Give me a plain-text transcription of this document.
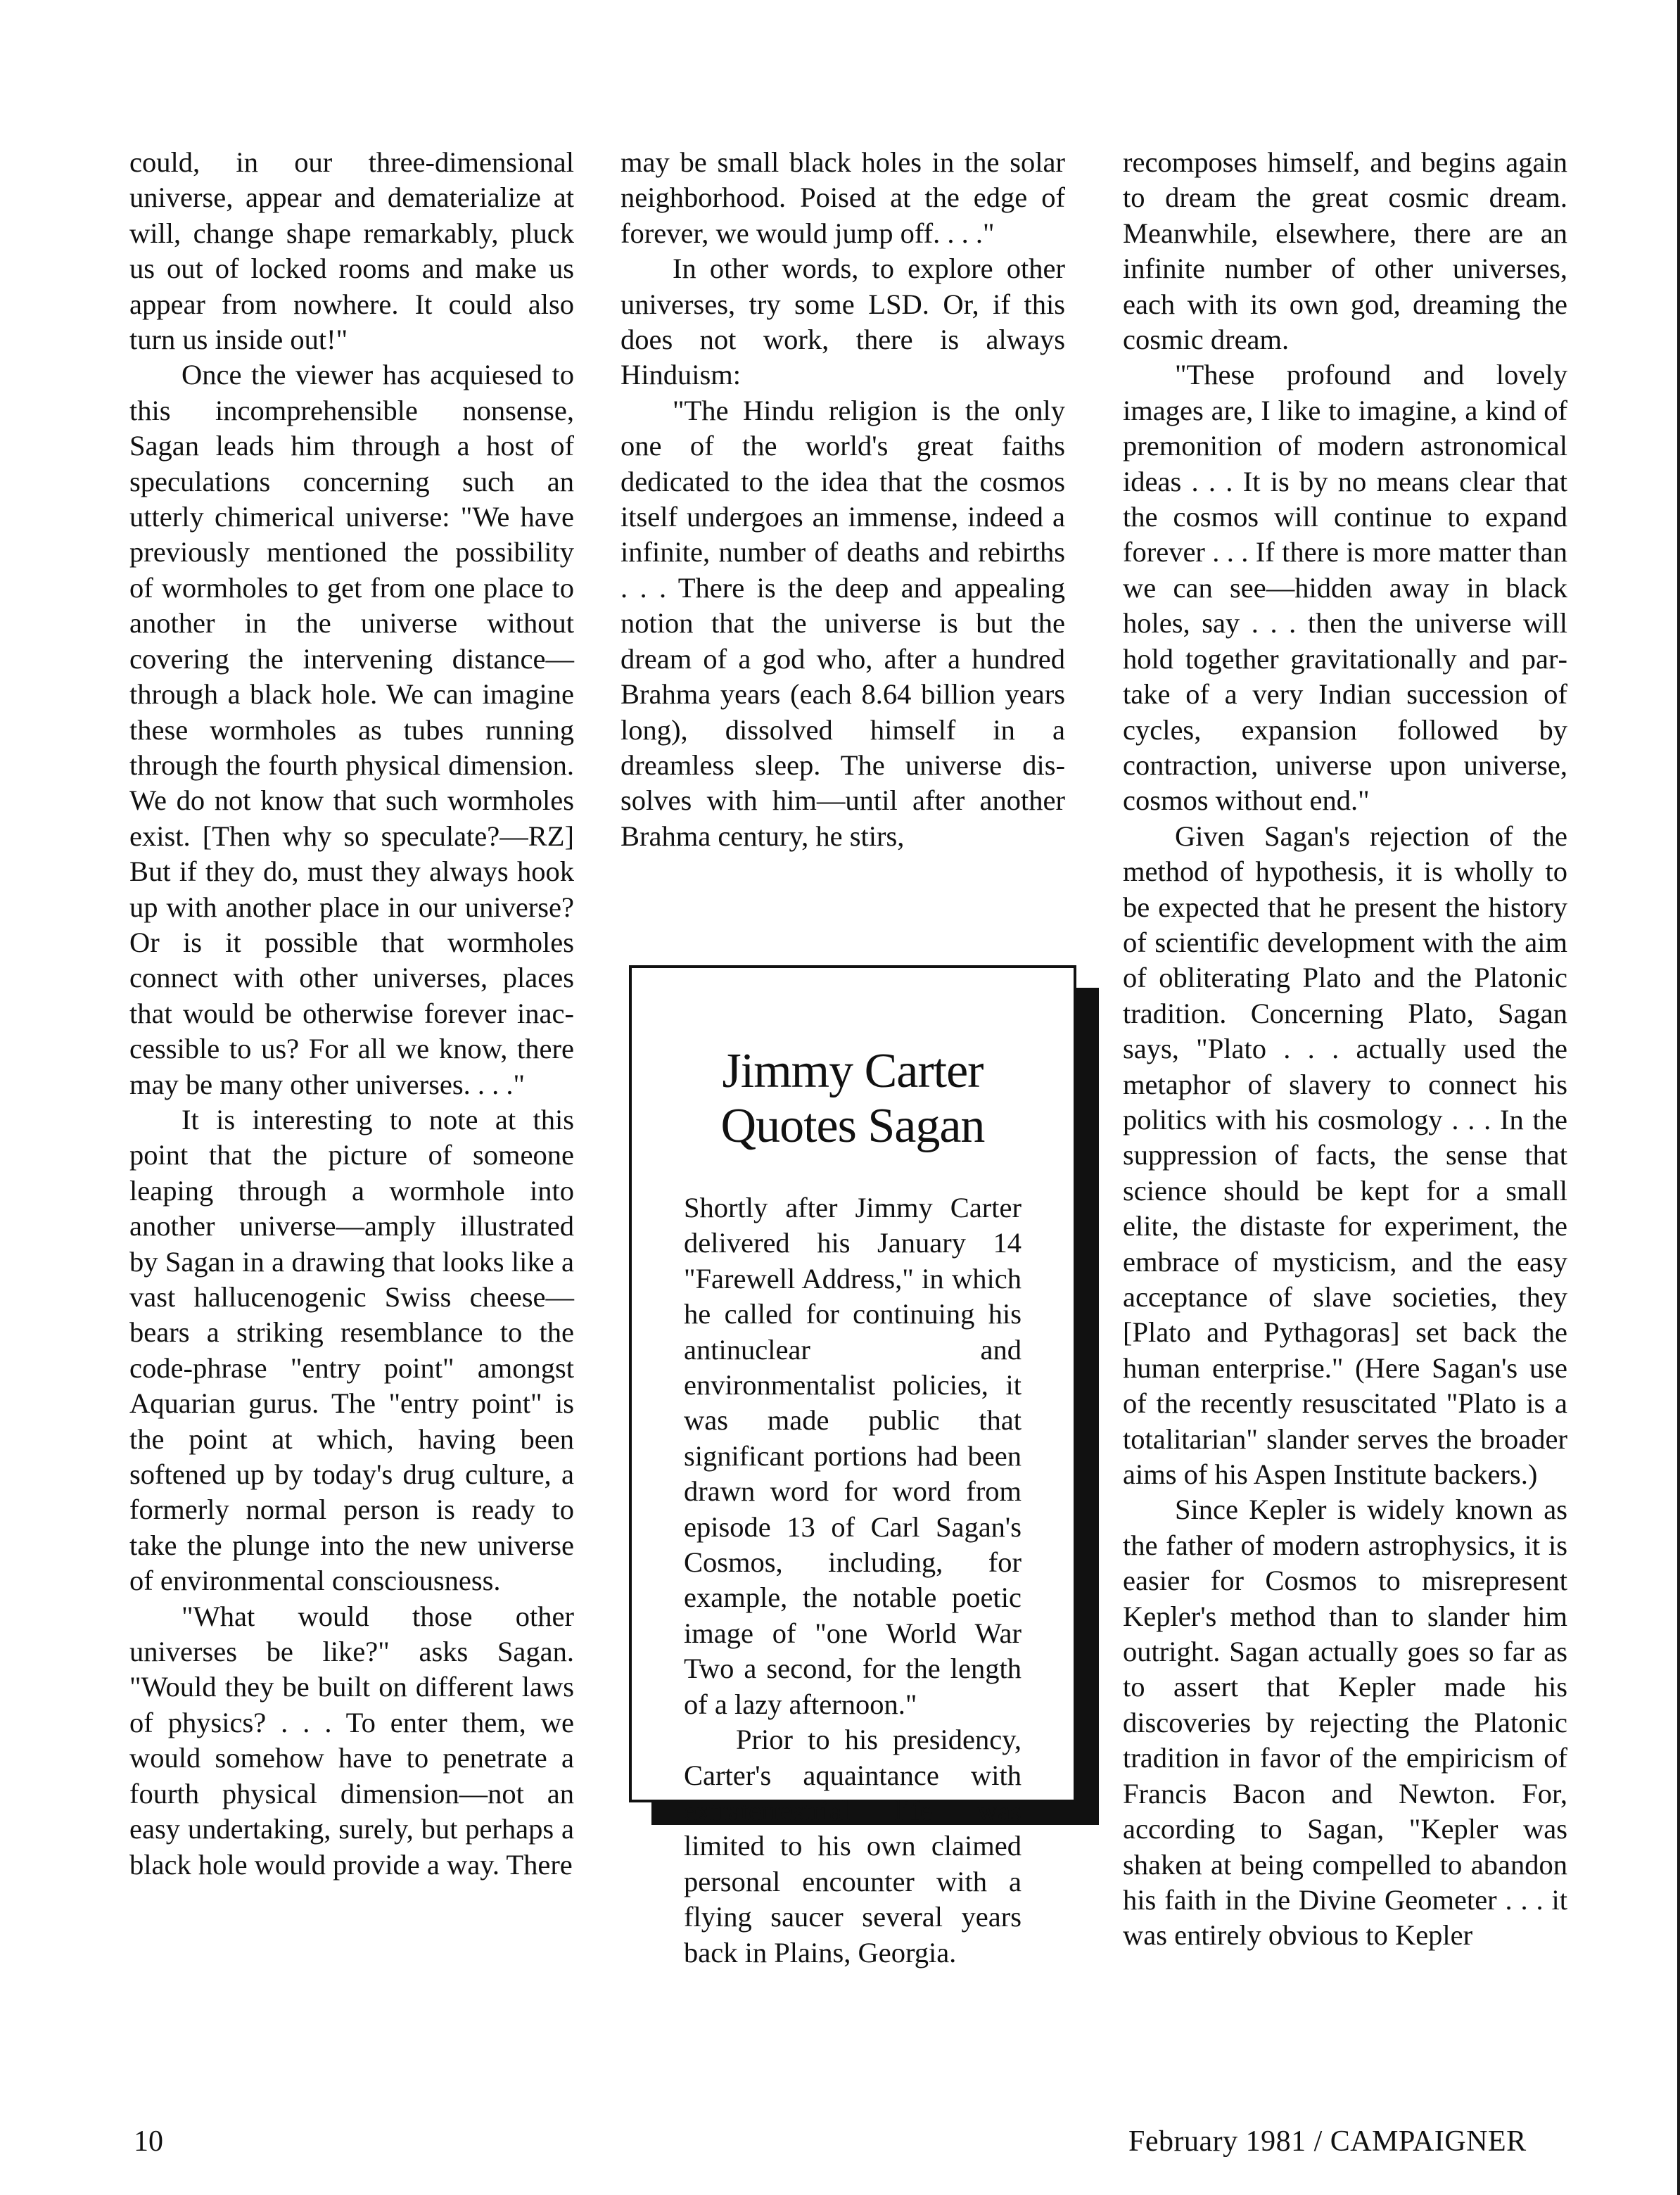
could, in our three-dimensional universe, appear and dematerialize at will, change shape remarkably, pluck us out of locked rooms and make us appear from nowhere. It could also turn us inside out!"

Once the viewer has acquiesed to this incomprehensible nonsense, Sagan leads him through a host of speculations concerning such an utterly chimerical universe: "We have previously mentioned the possibility of wormholes to get from one place to another in the universe without covering the intervening distance—through a black hole. We can imagine these wormholes as tubes running through the fourth physical dimension. We do not know that such wormholes exist. [Then why so speculate?—RZ] But if they do, must they always hook up with another place in our universe? Or is it possible that wormholes connect with other universes, places that would be otherwise forever inaccessible to us? For all we know, there may be many other universes. . . ."

It is interesting to note at this point that the picture of someone leaping through a wormhole into another universe—amply illustrated by Sagan in a drawing that looks like a vast hallucenogenic Swiss cheese—bears a striking resemblance to the code-phrase "entry point" amongst Aquarian gurus. The "entry point" is the point at which, having been softened up by today's drug culture, a formerly normal person is ready to take the plunge into the new universe of environmental consciousness.

"What would those other universes be like?" asks Sagan. "Would they be built on different laws of physics? . . . To enter them, we would somehow have to penetrate a fourth physical dimension—not an easy undertaking, surely, but perhaps a black hole would provide a way. There

may be small black holes in the solar neighborhood. Poised at the edge of forever, we would jump off. . . ."

In other words, to explore other universes, try some LSD. Or, if this does not work, there is always Hinduism:

"The Hindu religion is the only one of the world's great faiths dedicated to the idea that the cosmos itself undergoes an immense, indeed a infinite, number of deaths and rebirths . . . There is the deep and appealing notion that the universe is but the dream of a god who, after a hundred Brahma years (each 8.64 billion years long), dissolved himself in a dreamless sleep. The universe dissolves with him—until after another Brahma century, he stirs,

Jimmy Carter
Quotes Sagan

Shortly after Jimmy Carter delivered his January 14 "Farewell Address," in which he called for continuing his antinuclear and environmentalist policies, it was made public that significant portions had been drawn word for word from episode 13 of Carl Sagan's Cosmos, including, for example, the notable poetic image of "one World War Two a second, for the length of a lazy afternoon."

Prior to his presidency, Carter's aquaintance with extraterrestrial life was limited to his own claimed personal encounter with a flying saucer several years back in Plains, Georgia.

recomposes himself, and begins again to dream the great cosmic dream. Meanwhile, elsewhere, there are an infinite number of other universes, each with its own god, dreaming the cosmic dream.

"These profound and lovely images are, I like to imagine, a kind of premonition of modern astronomical ideas . . . It is by no means clear that the cosmos will continue to expand forever . . . If there is more matter than we can see—hidden away in black holes, say . . . then the universe will hold together gravitationally and partake of a very Indian succession of cycles, expansion followed by contraction, universe upon universe, cosmos without end."

Given Sagan's rejection of the method of hypothesis, it is wholly to be expected that he present the history of scientific development with the aim of obliterating Plato and the Platonic tradition. Concerning Plato, Sagan says, "Plato . . . actually used the metaphor of slavery to connect his politics with his cosmology . . . In the suppression of facts, the sense that science should be kept for a small elite, the distaste for experiment, the embrace of mysticism, and the easy acceptance of slave societies, they [Plato and Pythagoras] set back the human enterprise." (Here Sagan's use of the recently resuscitated "Plato is a totalitarian" slander serves the broader aims of his Aspen Institute backers.)

Since Kepler is widely known as the father of modern astrophysics, it is easier for Cosmos to misrepresent Kepler's method than to slander him outright. Sagan actually goes so far as to assert that Kepler made his discoveries by rejecting the Platonic tradition in favor of the empiricism of Francis Bacon and Newton. For, according to Sagan, "Kepler was shaken at being compelled to abandon his faith in the Divine Geometer . . . it was entirely obvious to Kepler

10	February 1981 / CAMPAIGNER
